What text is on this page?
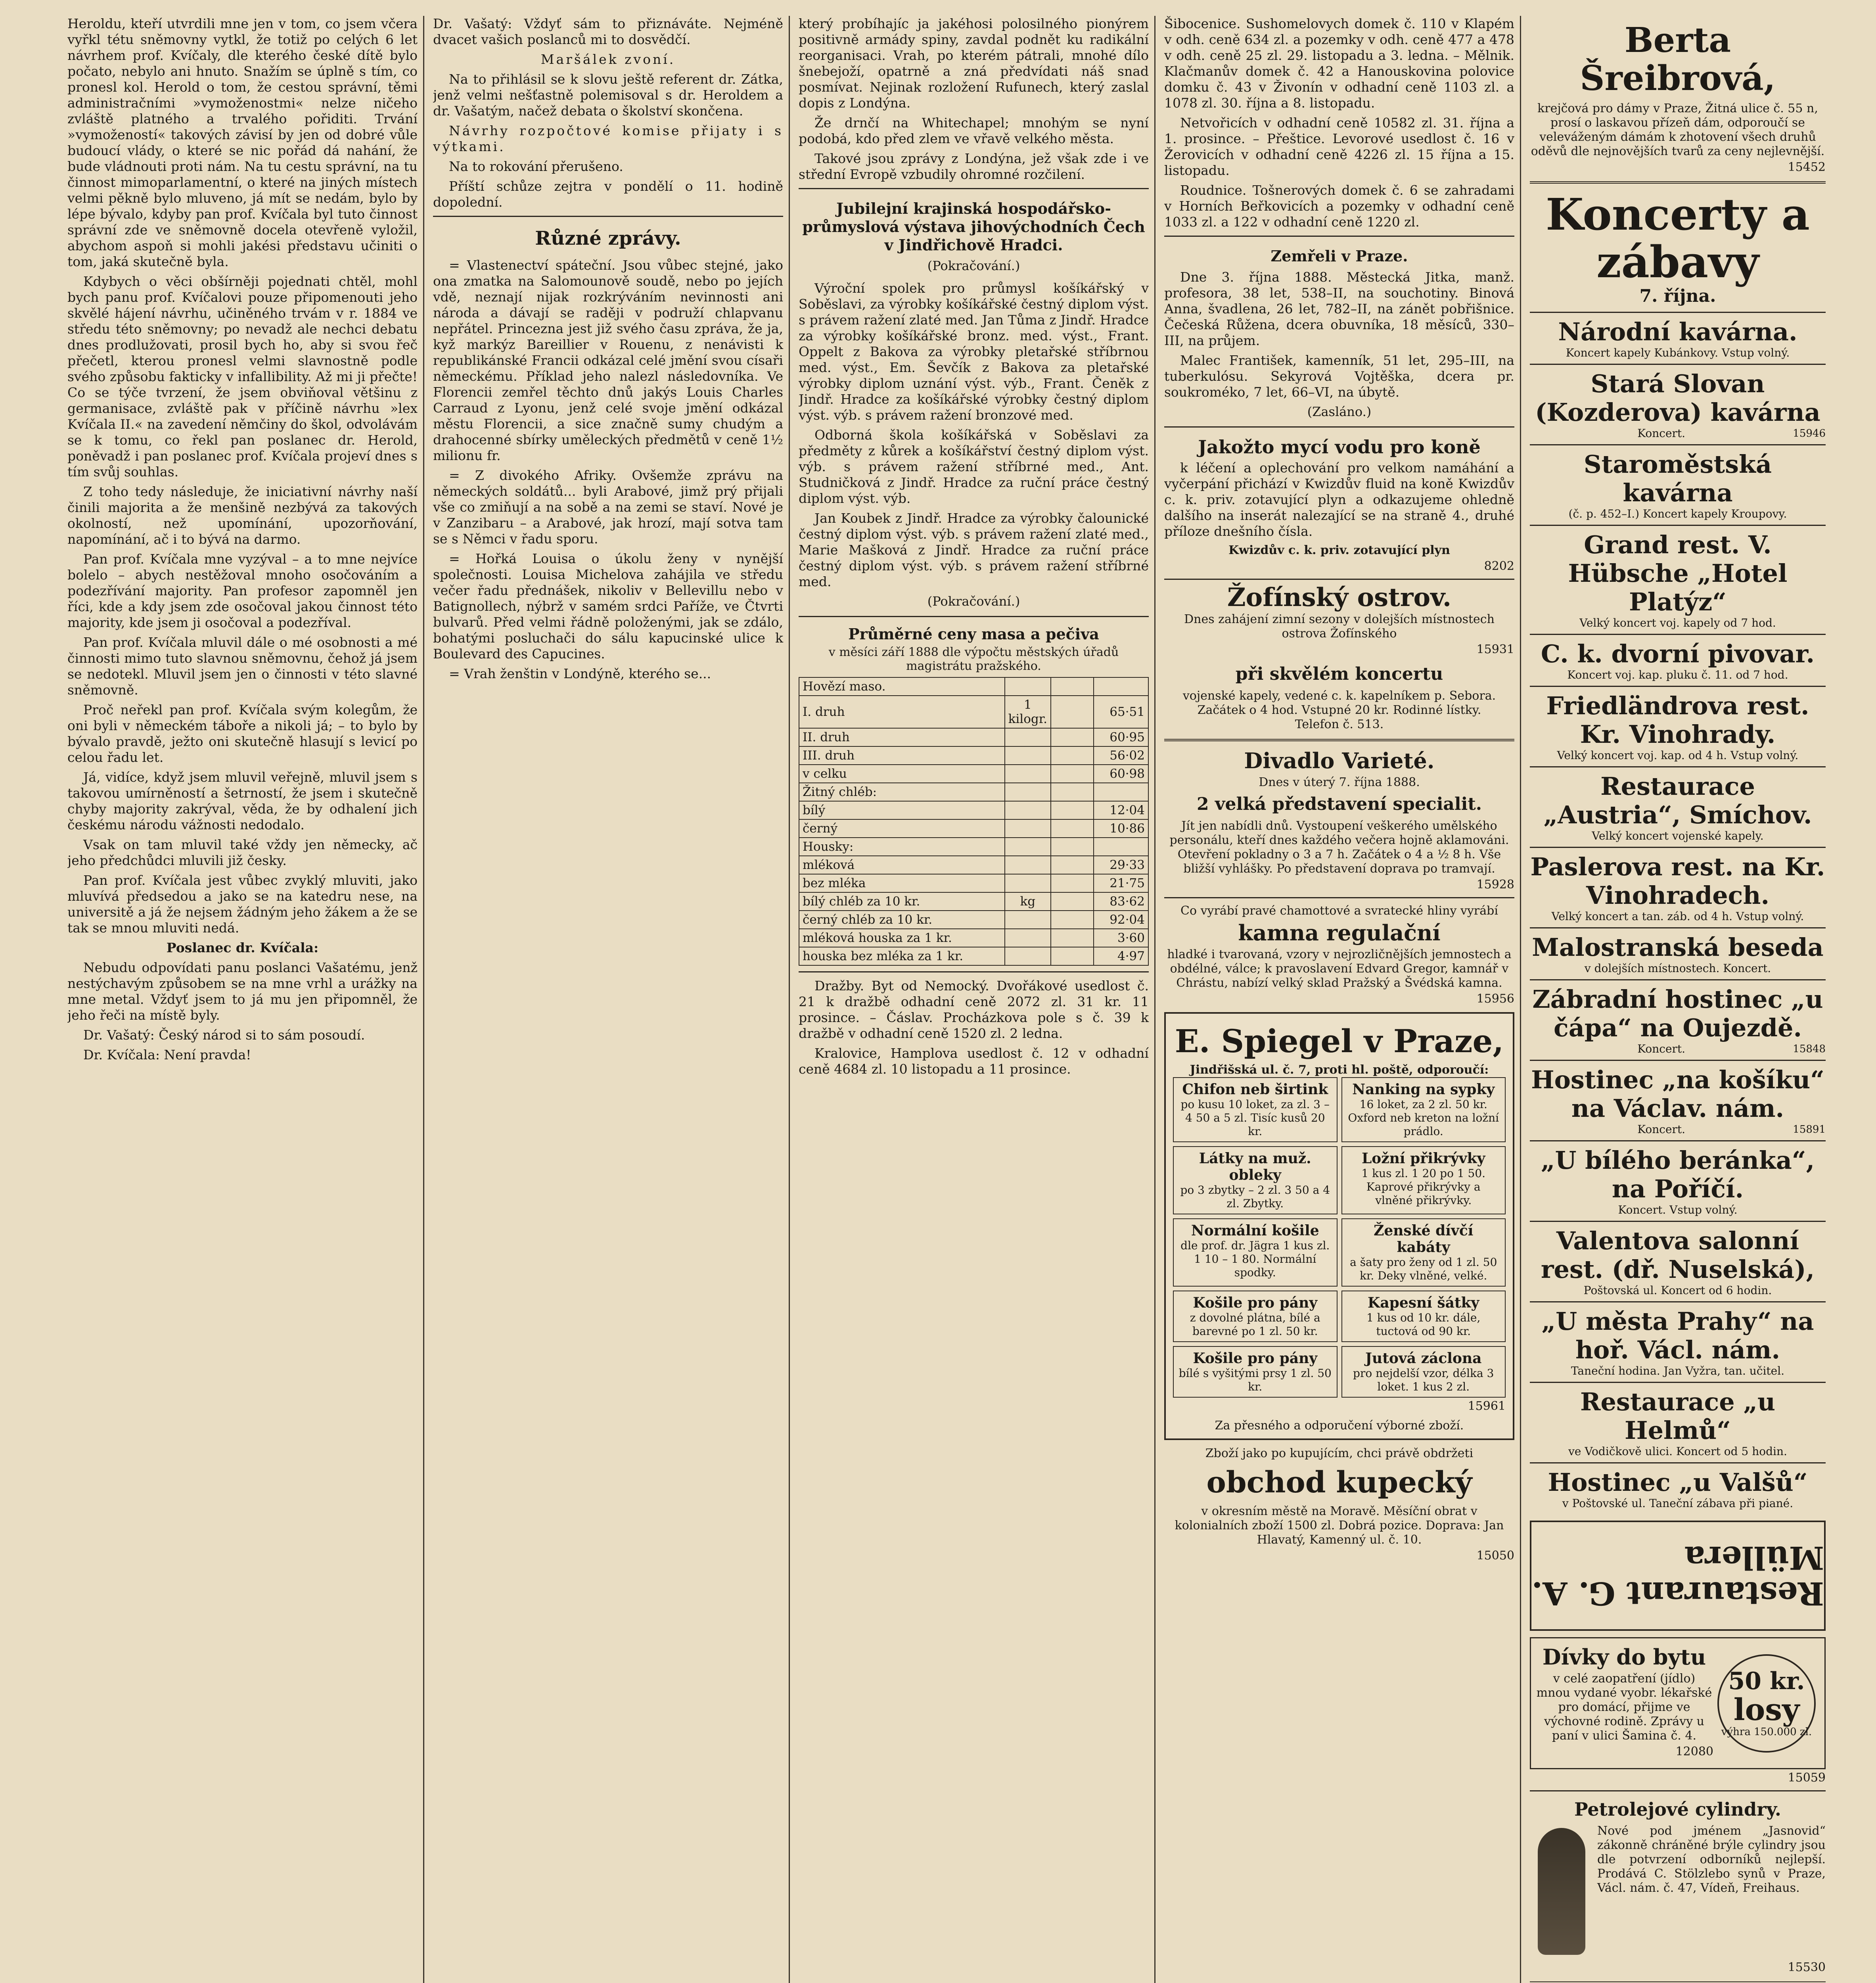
Heroldu, kteří utvrdili mne jen v tom, co jsem včera vyřkl tétu sněmovny vytkl, že totiž po celých 6 let návrhem prof. Kvíčaly, dle kterého české dítě bylo počato, nebylo ani hnuto. Snažím se úplně s tím, co pronesl kol. Herold o tom, že cestou správní, těmi administračními »vymoženostmi« nelze ničeho zvláště platného a trvalého pořiditi. Trvání »vymožeností« takových závisí by jen od dobré vůle budoucí vlády, o které se nic pořád dá nahání, že bude vládnouti proti nám. Na tu cestu správní, na tu činnost mimoparlamentní, o které na jiných místech velmi pěkně bylo mluveno, já mít se nedám, bylo by lépe bývalo, kdyby pan prof. Kvíčala byl tuto činnost správní zde ve sněmovně docela otevřeně vyložil, abychom aspoň si mohli jakési představu učiniti o tom, jaká skutečně byla.

Kdybych o věci obšírněji pojednati chtěl, mohl bych panu prof. Kvíčalovi pouze připomenouti jeho skvělé hájení návrhu, učiněného trvám v r. 1884 ve středu této sněmovny; po nevadž ale nechci debatu dnes prodlužovati, prosil bych ho, aby si svou řeč přečetl, kterou pronesl velmi slavnostně podle svého způsobu fakticky v infallibility. Až mi ji přečte! Co se týče tvrzení, že jsem obviňoval většinu z germanisace, zvláště pak v příčině návrhu »lex Kvíčala II.« na zavedení němčiny do škol, odvolávám se k tomu, co řekl pan poslanec dr. Herold, poněvadž i pan poslanec prof. Kvíčala projeví dnes s tím svůj souhlas.

Z toho tedy následuje, že iniciativní návrhy naší činili majorita a že menšině nezbývá za takových okolností, než upomínání, upozorňování, napomínání, ač i to bývá na darmo.

Pan prof. Kvíčala mne vyzýval – a to mne nejvíce bolelo – abych nestěžoval mnoho osočováním a podezřívání majority. Pan profesor zapomněl jen říci, kde a kdy jsem zde osočoval jakou činnost této majority, kde jsem ji osočoval a podezříval.

Pan prof. Kvíčala mluvil dále o mé osobnosti a mé činnosti mimo tuto slavnou sněmovnu, čehož já jsem se nedotekl. Mluvil jsem jen o činnosti v této slavné sněmovně.

Proč neřekl pan prof. Kvíčala svým kolegům, že oni byli v německém táboře a nikoli já; – to bylo by bývalo pravdě, ježto oni skutečně hlasují s levicí po celou řadu let.

Já, vidíce, když jsem mluvil veřejně, mluvil jsem s takovou umírněností a šetrností, že jsem i skutečně chyby majority zakrýval, věda, že by odhalení jich českému národu vážnosti nedodalo.

Vsak on tam mluvil také vždy jen německy, ač jeho předchůdci mluvili již česky.

Pan prof. Kvíčala jest vůbec zvyklý mluviti, jako mluvívá předsedou a jako se na katedru nese, na universitě a já že nejsem žádným jeho žákem a že se tak se mnou mluviti nedá.

Poslanec dr. Kvíčala:

Nebudu odpovídati panu poslanci Vašatému, jenž nestýchavým způsobem se na mne vrhl a urážky na mne metal. Vždyť jsem to já mu jen připomněl, že jeho řeči na místě byly.

Dr. Vašatý: Český národ si to sám posoudí.

Dr. Kvíčala: Není pravda!

Dr. Vašatý: Vždyť sám to přiznáváte. Nejméně dvacet vašich poslanců mi to dosvědčí.

Maršálek zvoní.

Na to přihlásil se k slovu ještě referent dr. Zátka, jenž velmi nešťastně polemisoval s dr. Heroldem a dr. Vašatým, načež debata o školství skončena.

Návrhy rozpočtové komise přijaty i s výtkami.

Na to rokování přerušeno.

Příští schůze zejtra v pondělí o 11. hodině dopolední.

Různé zprávy.

= Vlastenectví spáteční. Jsou vůbec stejné, jako ona zmatka na Salomounově soudě, nebo po jejích vdě, neznají nijak rozkrýváním nevinnosti ani národa a dávají se raději v podruží chlapvanu nepřátel. Princezna jest již svého času zpráva, že ja, kyž markýz Bareillier v Rouenu, z nenávisti k republikánské Francii odkázal celé jmění svou císaři německému. Příklad jeho nalezl následovníka. Ve Florencii zemřel těchto dnů jakýs Louis Charles Carraud z Lyonu, jenž celé svoje jmění odkázal městu Florencii, a sice značně sumy chudým a drahocenné sbírky uměleckých předmětů v ceně 1½ milionu fr.

= Z divokého Afriky. Ovšemže zprávu na německých soldátů... byli Arabové, jimž prý přijali vše co zmiňují a na sobě a na zemi se staví. Nové je v Zanzibaru – a Arabové, jak hrozí, mají sotva tam se s Němci v řadu sporu.

= Hořká Louisa o úkolu ženy v nynější společnosti. Louisa Michelova zahájila ve středu večer řadu přednášek, nikoliv v Bellevillu nebo v Batignollech, nýbrž v samém srdci Paříže, ve Čtvrti bulvarů. Před velmi řádně položenými, jak se zdálo, bohatými posluchači do sálu kapucinské ulice k Boulevard des Capucines.

= Vrah ženštin v Londýně, kterého se...

který probíhajíc ja jakéhosi polosilného pionýrem positivně armády spiny, zavdal podnět ku radikální reorganisaci. Vrah, po kterém pátrali, mnohé dílo šnebejoží, opatrně a zná předvídati náš snad posmívat. Nejinak rozložení Rufunech, který zaslal dopis z Londýna.

Že drnčí na Whitechapel; mnohým se nyní podobá, kdo před zlem ve vřavě velkého města.

Takové jsou zprávy z Londýna, jež však zde i ve střední Evropě vzbudily ohromné rozčilení.

Jubilejní krajinská hospodářsko-průmyslová výstava jihovýchodních Čech v Jindřichově Hradci.
(Pokračování.)

Výroční spolek pro průmysl košíkářský v Soběslavi, za výrobky košíkářské čestný diplom výst. s právem ražení zlaté med. Jan Tůma z Jindř. Hradce za výrobky košíkářské bronz. med. výst., Frant. Oppelt z Bakova za výrobky pletařské stříbrnou med. výst., Em. Ševčík z Bakova za pletařské výrobky diplom uznání výst. výb., Frant. Čeněk z Jindř. Hradce za košíkářské výrobky čestný diplom výst. výb. s právem ražení bronzové med.

Odborná škola košíkářská v Soběslavi za předměty z kůrek a košíkářství čestný diplom výst. výb. s právem ražení stříbrné med., Ant. Studničková z Jindř. Hradce za ruční práce čestný diplom výst. výb.

Jan Koubek z Jindř. Hradce za výrobky čalounické čestný diplom výst. výb. s právem ražení zlaté med., Marie Mašková z Jindř. Hradce za ruční práce čestný diplom výst. výb. s právem ražení stříbrné med.

(Pokračování.)
Průměrné ceny masa a pečiva
v měsíci září 1888 dle výpočtu městských úřadů magistrátu pražského.
Hovězí maso.			
I. druh	1 kilogr.		65·51
II. druh			60·95
III. druh			56·02
v celku			60·98
Žitný chléb:			
bílý			12·04
černý			10·86
Housky:			
mléková			29·33
bez mléka			21·75
bílý chléb za 10 kr.	kg		83·62
černý chléb za 10 kr.			92·04
mléková houska za 1 kr.			3·60
houska bez mléka za 1 kr.			4·97

Dražby. Byt od Nemocký. Dvořákové usedlost č. 21 k dražbě odhadní ceně 2072 zl. 31 kr. 11 prosince. – Čáslav. Procházkova pole s č. 39 k dražbě v odhadní ceně 1520 zl. 2 ledna.

Kralovice, Hamplova usedlost č. 12 v odhadní ceně 4684 zl. 10 listopadu a 11 prosince.

Šibocenice. Sushomelovych domek č. 110 v Klapém v odh. ceně 634 zl. a pozemky v odh. ceně 477 a 478 v odh. ceně 25 zl. 29. listopadu a 3. ledna. – Mělnik. Klačmanův domek č. 42 a Hanouskovina polovice domku č. 43 v Živonín v odhadní ceně 1103 zl. a 1078 zl. 30. října a 8. listopadu.

Netvořicích v odhadní ceně 10582 zl. 31. října a 1. prosince. – Přeštice. Levorové usedlost č. 16 v Žerovicích v odhadní ceně 4226 zl. 15 října a 15. listopadu.

Roudnice. Tošnerových domek č. 6 se zahradami v Horních Beřkovicích a pozemky v odhadní ceně 1033 zl. a 122 v odhadní ceně 1220 zl.

Zemřeli v Praze.

Dne 3. října 1888. Městecká Jitka, manž. profesora, 38 let, 538–II, na souchotiny. Binová Anna, švadlena, 26 let, 782–II, na zánět pobřišnice. Čečeská Růžena, dcera obuvníka, 18 měsíců, 330–III, na průjem.

Malec František, kamenník, 51 let, 295–III, na tuberkulósu. Sekyrová Vojtěška, dcera pr. soukroméko, 7 let, 66–VI, na úbytě.

(Zasláno.)
Jakožto mycí vodu pro koně

k léčení a oplechování pro velkom namáhání a vyčerpání přichází v Kwizdův fluid na koně Kwizdův c. k. priv. zotavující plyn a odkazujeme ohledně dalšího na inserát nalezající se na straně 4., druhé příloze dnešního čísla.

Kwizdův c. k. priv. zotavující plyn
8202
Žofínský ostrov.
Dnes zahájení zimní sezony v dolejších místnostech ostrova Žofínského
15931
při skvělém koncertu
vojenské kapely, vedené c. k. kapelníkem p. Sebora. Začátek o 4 hod. Vstupné 20 kr. Rodinné lístky.
Telefon č. 513.
Divadlo Varieté.
Dnes v úterý 7. října 1888.
2 velká představení specialit.
Jít jen nabídli dnů. Vystoupení veškerého umělského personálu, kteří dnes každého večera hojně aklamováni. Otevření pokladny o 3 a 7 h. Začátek o 4 a ½ 8 h. Vše bližší vyhlášky. Po představení doprava po tramvají.
15928
Co vyrábí pravé chamottové a svratecké hliny vyrábí
kamna regulační
hladké i tvarovaná, vzory v nejrozličnějších jemnostech a obdélné, válce; k pravoslavení Edvard Gregor, kamnář v Chrástu, nabízí velký sklad Pražský a Švédská kamna.
15956
E. Spiegel v Praze,
Jindřišská ul. č. 7, proti hl. poště, odporoučí:
Chifon neb širtink
po kusu 10 loket, za zl. 3 – 4 50 a 5 zl. Tisíc kusů 20 kr.
Nanking na sypky
16 loket, za 2 zl. 50 kr. Oxford neb kreton na ložní prádlo.
Látky na muž. obleky
po 3 zbytky – 2 zl. 3 50 a 4 zl. Zbytky.
Ložní přikrývky
1 kus zl. 1 20 po 1 50. Kaprové přikrývky a vlněné přikrývky.
Normální košile
dle prof. dr. Jägra 1 kus zl. 1 10 – 1 80. Normální spodky.
Ženské dívčí kabáty
a šaty pro ženy od 1 zl. 50 kr. Deky vlněné, velké.
Košile pro pány
z dovolné plátna, bílé a barevné po 1 zl. 50 kr.
Kapesní šátky
1 kus od 10 kr. dále, tuctová od 90 kr.
Košile pro pány
bílé s vyšitými prsy 1 zl. 50 kr.
Jutová záclona
pro nejdelší vzor, délka 3 loket. 1 kus 2 zl.
15961
Za přesného a odporučení výborné zboží.
Zboží jako po kupujícím, chci právě obdržeti
obchod kupecký
v okresním městě na Moravě. Měsíční obrat v kolonialních zboží 1500 zl. Dobrá pozice. Doprava: Jan Hlavatý, Kamenný ul. č. 10.
15050
Berta Šreibrová,
krejčová pro dámy v Praze, Žitná ulice č. 55 n, prosí o laskavou přízeň dám, odporoučí se veleváženým dámám k zhotovení všech druhů oděvů dle nejnovějších tvarů za ceny nejlevnější.
15452
Koncerty a zábavy
7. října.
Národní kavárna.
Koncert kapely Kubánkovy. Vstup volný.
Stará Slovan (Kozderova) kavárna
Koncert.	15946
Staroměstská kavárna
(č. p. 452–I.) Koncert kapely Kroupovy.
Grand rest. V. Hübsche „Hotel Platýz“
Velký koncert voj. kapely od 7 hod.
C. k. dvorní pivovar.
Koncert voj. kap. pluku č. 11. od 7 hod.
Friedländrova rest. Kr. Vinohrady.
Velký koncert voj. kap. od 4 h. Vstup volný.
Restaurace „Austria“, Smíchov.
Velký koncert vojenské kapely.
Paslerova rest. na Kr. Vinohradech.
Velký koncert a tan. záb. od 4 h. Vstup volný.
Malostranská beseda
v dolejších místnostech. Koncert.
Zábradní hostinec „u čápa“ na Oujezdě.
Koncert.	15848
Hostinec „na košíku“ na Václav. nám.
Koncert.	15891
„U bílého beránka“, na Poříčí.
Koncert. Vstup volný.
Valentova salonní rest. (dř. Nuselská),
Poštovská ul. Koncert od 6 hodin.
„U města Prahy“ na hoř. Václ. nám.
Taneční hodina. Jan Vyžra, tan. učitel.
Restaurace „u Helmů“
ve Vodičkově ulici. Koncert od 5 hodin.
Hostinec „u Valšů“
v Poštovské ul. Taneční zábava při piané.
Restaurant G. A. Müllera
Dívky do bytu
v celé zaopatření (jídlo) mnou vydané vyobr. lékařské pro domácí, přijme ve výchovné rodině. Zprávy u paní v ulici Šamina č. 4.
12080
50 kr.
losy
výhra 150.000 zl.
15059
Petrolejové cylindry.
Nové pod jménem „Jasnovid“ zákonně chráněné brýle cylindry jsou dle potvrzení odborníků nejlepší. Prodává C. Stölzlebo synů v Praze, Václ. nám. č. 47, Vídeň, Freihaus.
15530
